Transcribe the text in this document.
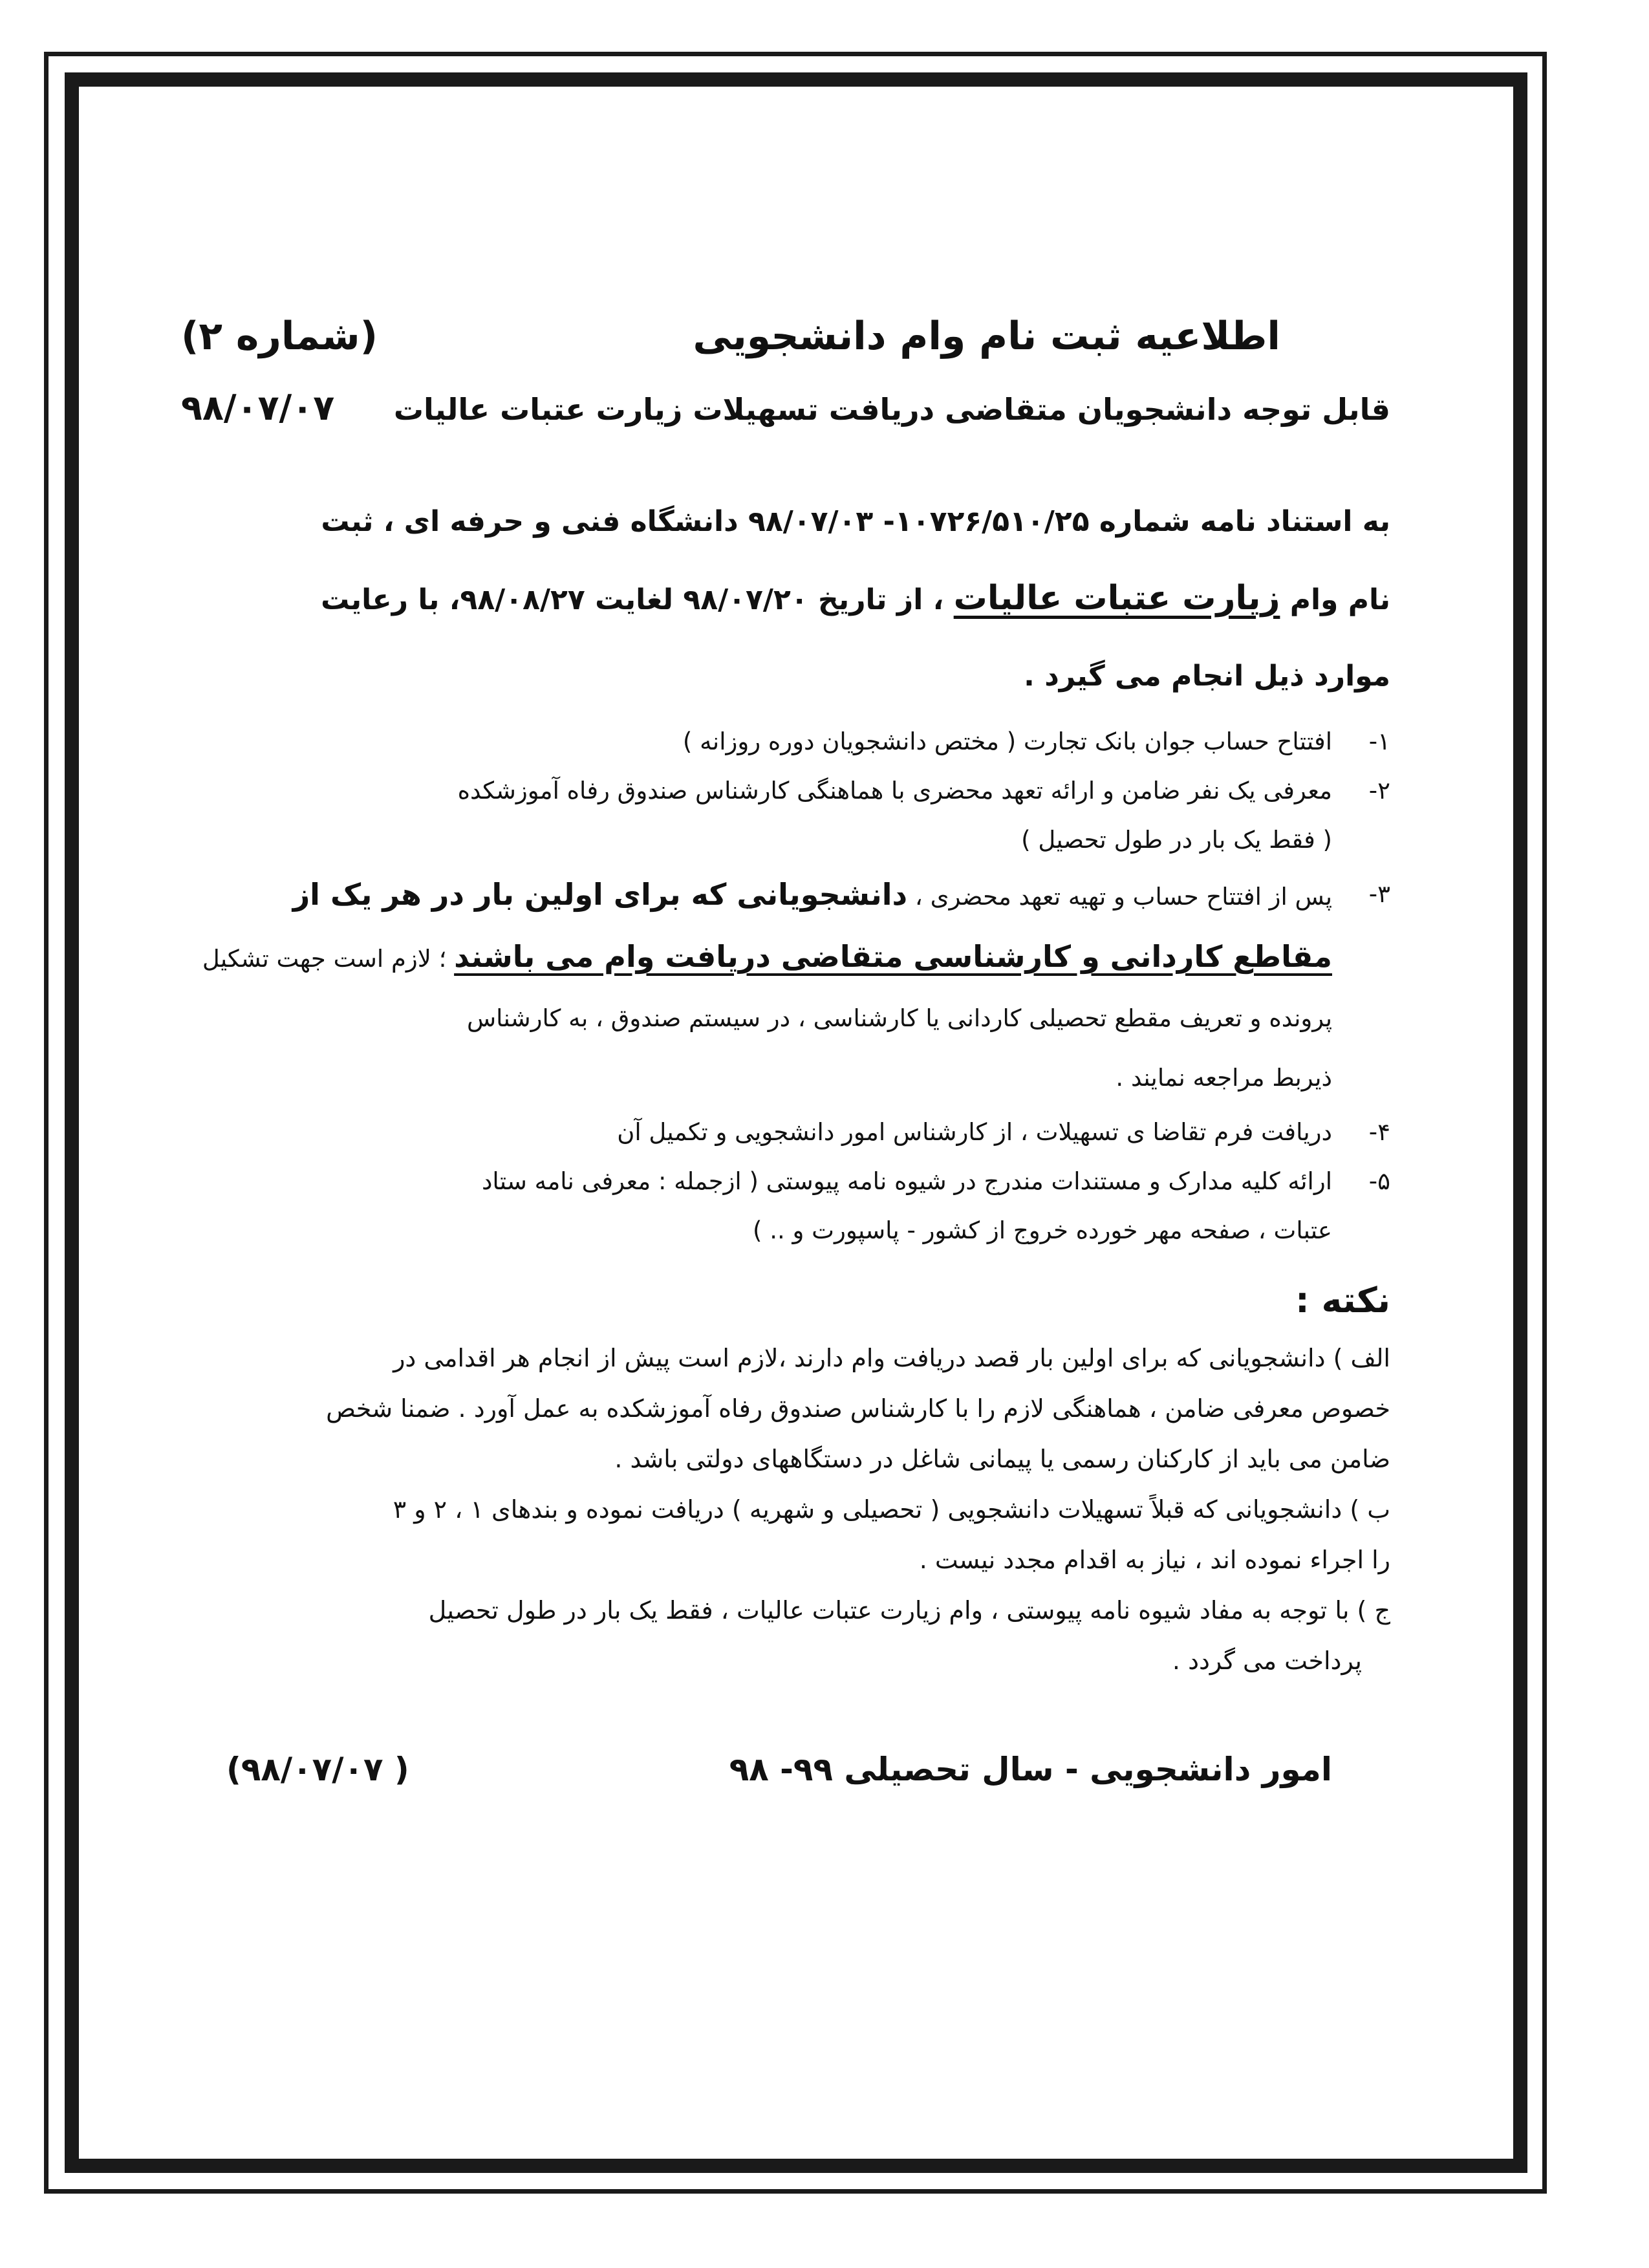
اطلاعیه ثبت نام وام دانشجویی
(شماره ۲)
قابل توجه دانشجویان متقاضی دریافت تسهیلات زیارت عتبات عالیات
۹۸/۰۷/۰۷
به استناد نامه شماره ۱۰۷۲۶/۵۱۰/۲۵- ۹۸/۰۷/۰۳ دانشگاه فنی و حرفه ای ، ثبت
نام وام زیارت عتبات عالیات ، از تاریخ ۹۸/۰۷/۲۰ لغایت ۹۸/۰۸/۲۷، با رعایت
موارد ذیل انجام می گیرد .
۱-
افتتاح حساب جوان بانک تجارت ( مختص دانشجویان دوره روزانه )
۲-
معرفی یک نفر ضامن و ارائه تعهد محضری با هماهنگی کارشناس صندوق رفاه آموزشکده
( فقط یک بار در طول تحصیل )
۳-
پس از افتتاح حساب و تهیه تعهد محضری ، دانشجویانی که برای اولین بار در هر یک از
مقاطع کاردانی و کارشناسی متقاضی دریافت وام می باشند ؛ لازم است جهت تشکیل
پرونده و تعریف مقطع تحصیلی کاردانی یا کارشناسی ، در سیستم صندوق ، به کارشناس
ذیربط مراجعه نمایند .
۴-
دریافت فرم تقاضا ی تسهیلات ، از کارشناس امور دانشجویی و تکمیل آن
۵-
ارائه کلیه مدارک و مستندات مندرج در شیوه نامه پیوستی ( ازجمله : معرفی نامه ستاد
عتبات ، صفحه مهر خورده خروج از کشور - پاسپورت و .. )
نکته :
الف ) دانشجویانی که برای اولین بار قصد دریافت وام دارند ،لازم است پیش از انجام هر اقدامی در
خصوص معرفی ضامن ، هماهنگی لازم را با کارشناس صندوق رفاه آموزشکده به عمل آورد . ضمنا شخص
ضامن می باید از کارکنان رسمی یا پیمانی شاغل در دستگاههای دولتی باشد .
ب ) دانشجویانی که قبلاً تسهیلات دانشجویی ( تحصیلی و شهریه ) دریافت نموده و بندهای ۱ ، ۲ و ۳
را اجراء نموده اند ، نیاز به اقدام مجدد نیست .
ج ) با توجه به مفاد شیوه نامه پیوستی ، وام زیارت عتبات عالیات ، فقط یک بار در طول تحصیل
پرداخت می گردد .
امور دانشجویی - سال تحصیلی ۹۹- ۹۸
( ۹۸/۰۷/۰۷)
